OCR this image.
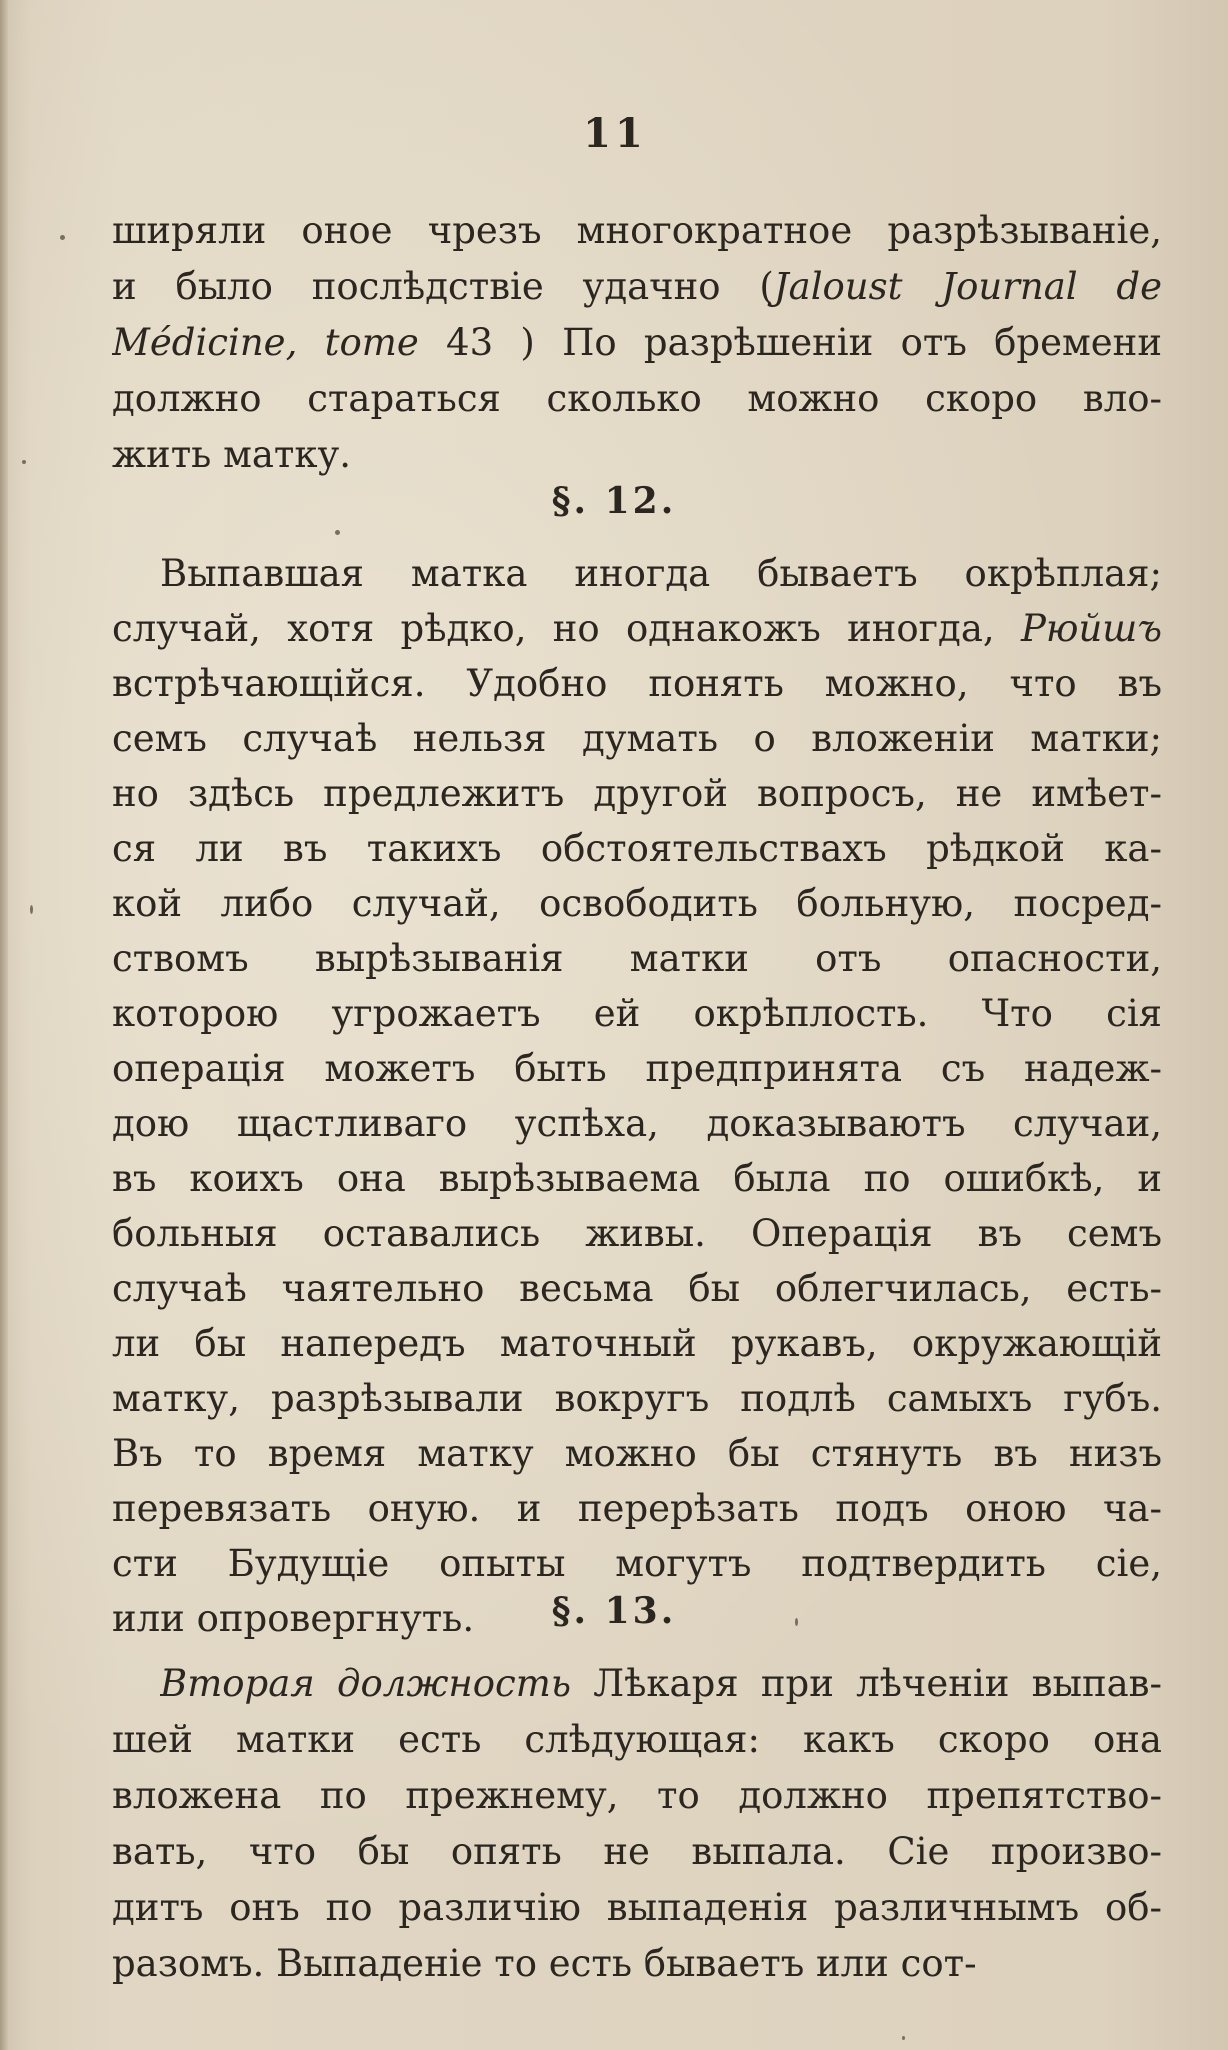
11
ширяли оное чрезъ многократное разрѣзыванiе,
и было послѣдствiе удачно (Jaloust Journal de
Médicine, tome 43 ) По разрѣшенiи отъ бремени
должно стараться сколько можно скоро вло-
жить матку.
§. 12.
Выпавшая матка иногда бываетъ окрѣплая;
случай, хотя рѣдко, но однакожъ иногда, Рюйшъ
встрѣчающiйся. Удобно понять можно, что въ
семъ случаѣ нельзя думать о вложенiи матки;
но здѣсь предлежитъ другой вопросъ, не имѣет-
ся ли въ такихъ обстоятельствахъ рѣдкой ка-
кой либо случай, освободить больную, посред-
ствомъ вырѣзыванiя матки отъ опасности,
которою угрожаетъ ей окрѣплость. Что сiя
операцiя можетъ быть предпринята съ надеж-
дою щастливаго успѣха, доказываютъ случаи,
въ коихъ она вырѣзываема была по ошибкѣ, и
больныя оставались живы. Операцiя въ семъ
случаѣ чаятельно весьма бы облегчилась, есть-
ли бы напередъ маточный рукавъ, окружающiй
матку, разрѣзывали вокругъ подлѣ самыхъ губъ.
Въ то время матку можно бы стянуть въ низъ
перевязать оную. и перерѣзать подъ оною ча-
сти Будущiе опыты могутъ подтвердить сiе,
или опровергнуть.	§. 13.
Вторая должность Лѣкаря при лѣченiи выпав-
шей матки есть слѣдующая: какъ скоро она
вложена по прежнему, то должно препятство-
вать, что бы опять не выпала. Сiе произво-
дитъ онъ по различiю выпаденiя различнымъ об-
разомъ. Выпаденiе то есть бываетъ или сот-
